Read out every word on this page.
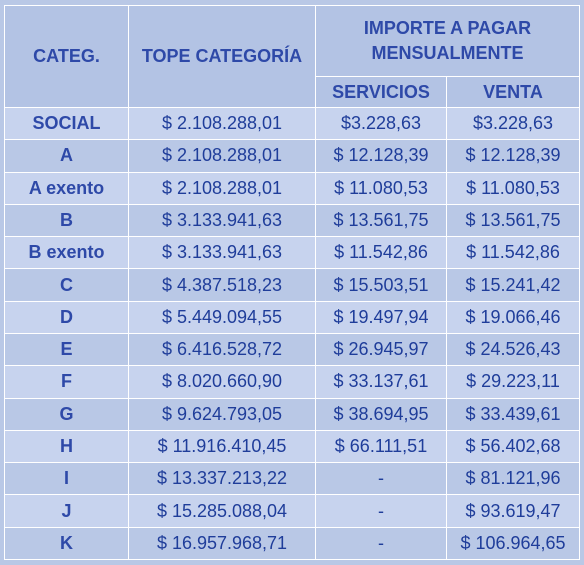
CATEG.	TOPE CATEGORÍA	IMPORTE A PAGAR MENSUALMENTE	
		SERVICIOS	VENTA
SOCIAL	$ 2.108.288,01	$3.228,63	$3.228,63
A	$ 2.108.288,01	$ 12.128,39	$ 12.128,39
A exento	$ 2.108.288,01	$ 11.080,53	$ 11.080,53
B	$ 3.133.941,63	$ 13.561,75	$ 13.561,75
B exento	$ 3.133.941,63	$ 11.542,86	$ 11.542,86
C	$ 4.387.518,23	$ 15.503,51	$ 15.241,42
D	$ 5.449.094,55	$ 19.497,94	$ 19.066,46
E	$ 6.416.528,72	$ 26.945,97	$ 24.526,43
F	$ 8.020.660,90	$ 33.137,61	$ 29.223,11
G	$ 9.624.793,05	$ 38.694,95	$ 33.439,61
H	$ 11.916.410,45	$ 66.111,51	$ 56.402,68
I	$ 13.337.213,22	-	$ 81.121,96
J	$ 15.285.088,04	-	$ 93.619,47
K	$ 16.957.968,71	-	$ 106.964,65
